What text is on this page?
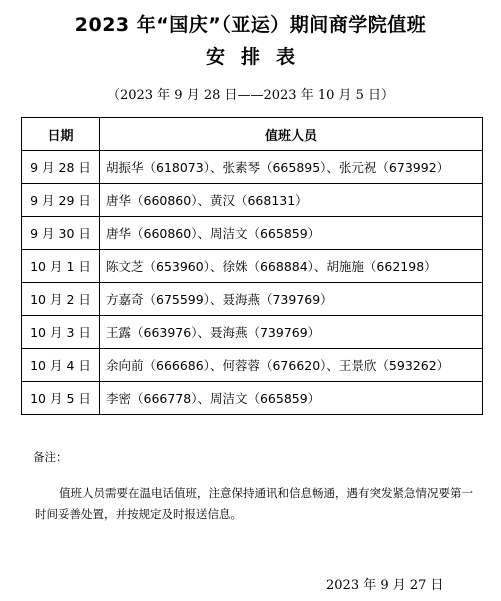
2023 年“国庆”（亚运）期间商学院值班
安排表
（2023 年 9 月 28 日——2023 年 10 月 5 日）
日期	值班人员
9 月 28 日	胡振华（618073）、张素琴（665895）、张元祝（673992）
9 月 29 日	唐华（660860）、黄汉（668131）
9 月 30 日	唐华（660860）、周洁文（665859）
10 月 1 日	陈文芝（653960）、徐姝（668884）、胡施施（662198）
10 月 2 日	方嘉奇（675599）、聂海燕（739769）
10 月 3 日	王露（663976）、聂海燕（739769）
10 月 4 日	余向前（666686）、何蓉蓉（676620）、王景欣（593262）
10 月 5 日	李密（666778）、周洁文（665859）
备注：
值班人员需要在温电话值班，注意保持通讯和信息畅通，遇有突发紧急情况要第一时间妥善处置，并按规定及时报送信息。
2023 年 9 月 27 日
